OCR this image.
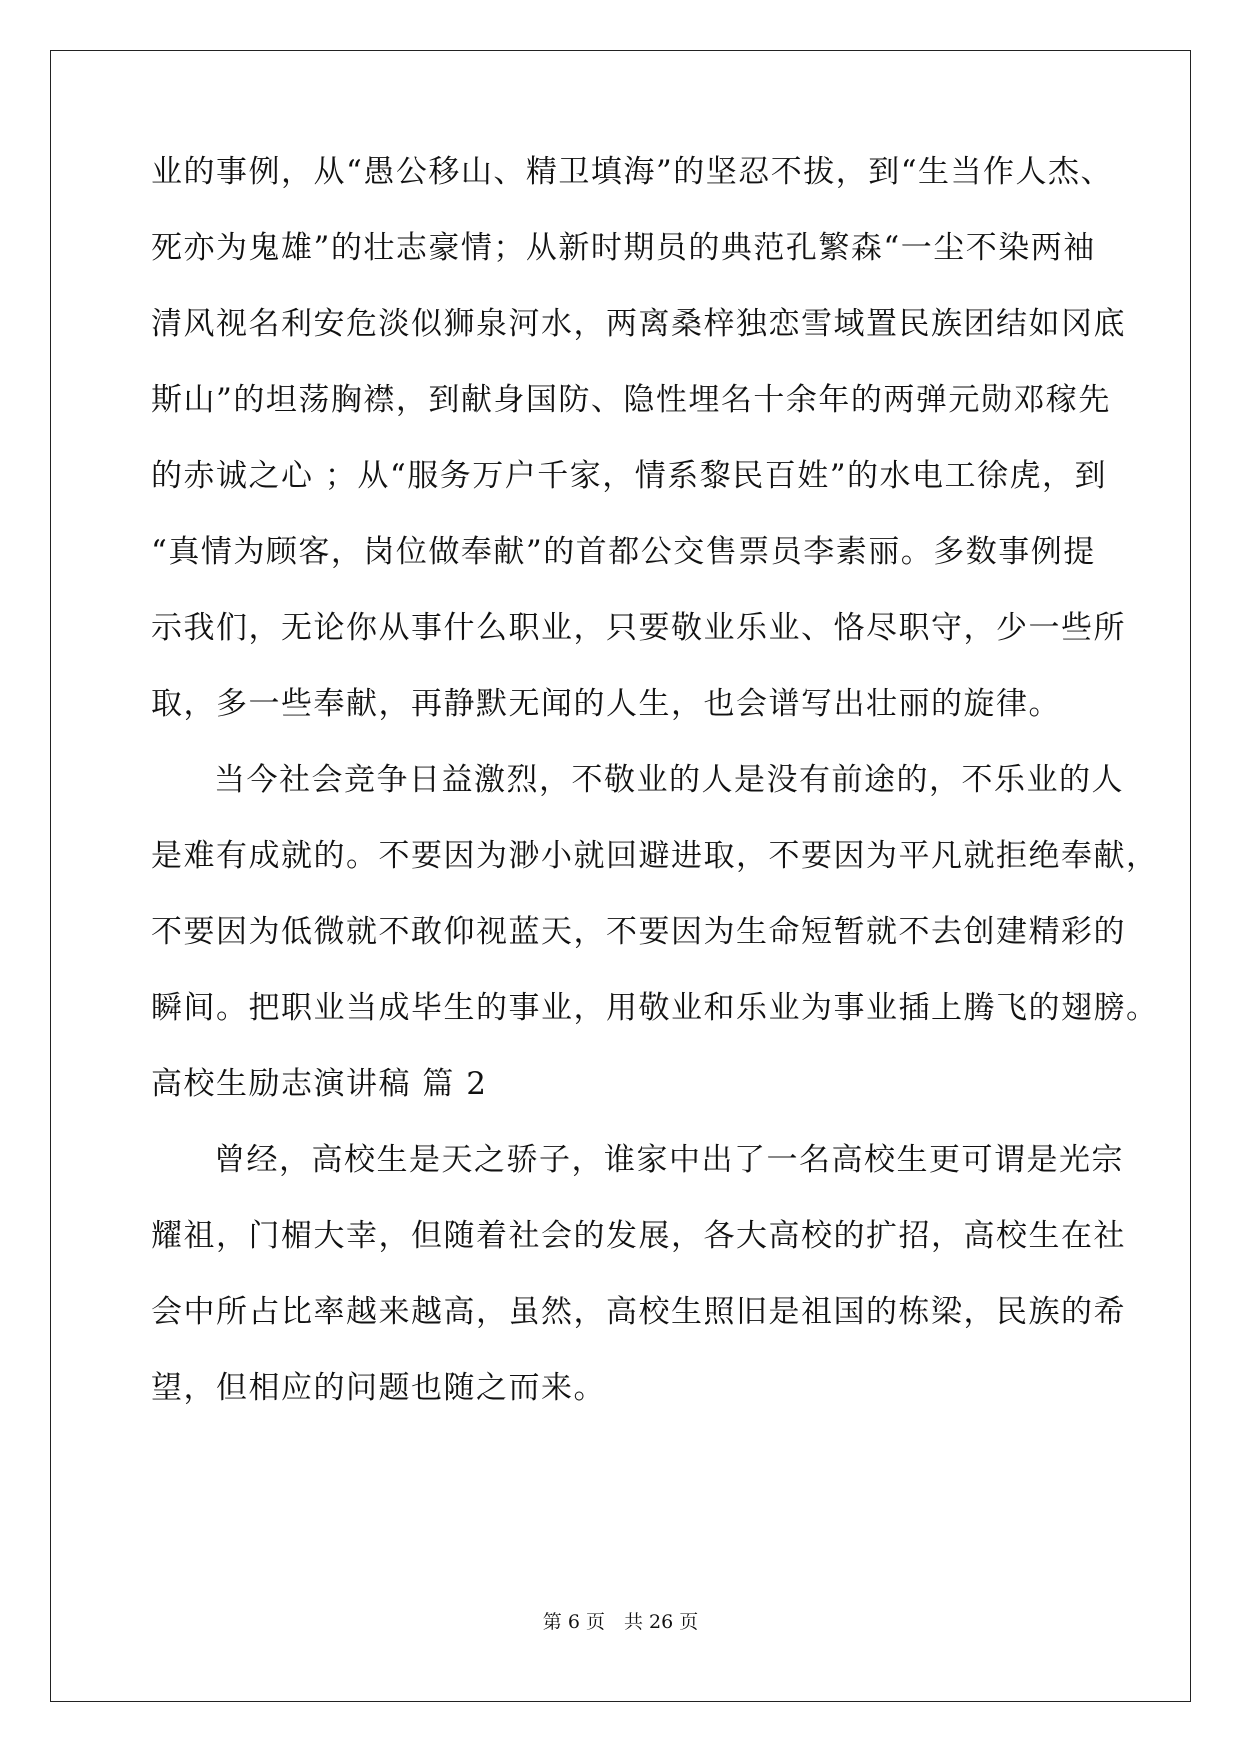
业的事例，从“愚公移山、精卫填海”的坚忍不拔，到“生当作人杰、
死亦为鬼雄”的壮志豪情；从新时期员的典范孔繁森“一尘不染两袖
清风视名利安危淡似狮泉河水，两离桑梓独恋雪域置民族团结如冈底
斯山”的坦荡胸襟，到献身国防、隐性埋名十余年的两弹元勋邓稼先
的赤诚之心 ；从“服务万户千家，情系黎民百姓”的水电工徐虎，到
“真情为顾客，岗位做奉献”的首都公交售票员李素丽。多数事例提
示我们，无论你从事什么职业，只要敬业乐业、恪尽职守，少一些所
取，多一些奉献，再静默无闻的人生，也会谱写出壮丽的旋律。
当今社会竞争日益激烈，不敬业的人是没有前途的，不乐业的人
是难有成就的。不要因为渺小就回避进取，不要因为平凡就拒绝奉献，
不要因为低微就不敢仰视蓝天，不要因为生命短暂就不去创建精彩的
瞬间。把职业当成毕生的事业，用敬业和乐业为事业插上腾飞的翅膀。
高校生励志演讲稿 篇 2
曾经，高校生是天之骄子，谁家中出了一名高校生更可谓是光宗
耀祖，门楣大幸，但随着社会的发展，各大高校的扩招，高校生在社
会中所占比率越来越高，虽然，高校生照旧是祖国的栋梁，民族的希
望，但相应的问题也随之而来。
第 6 页　共 26 页
